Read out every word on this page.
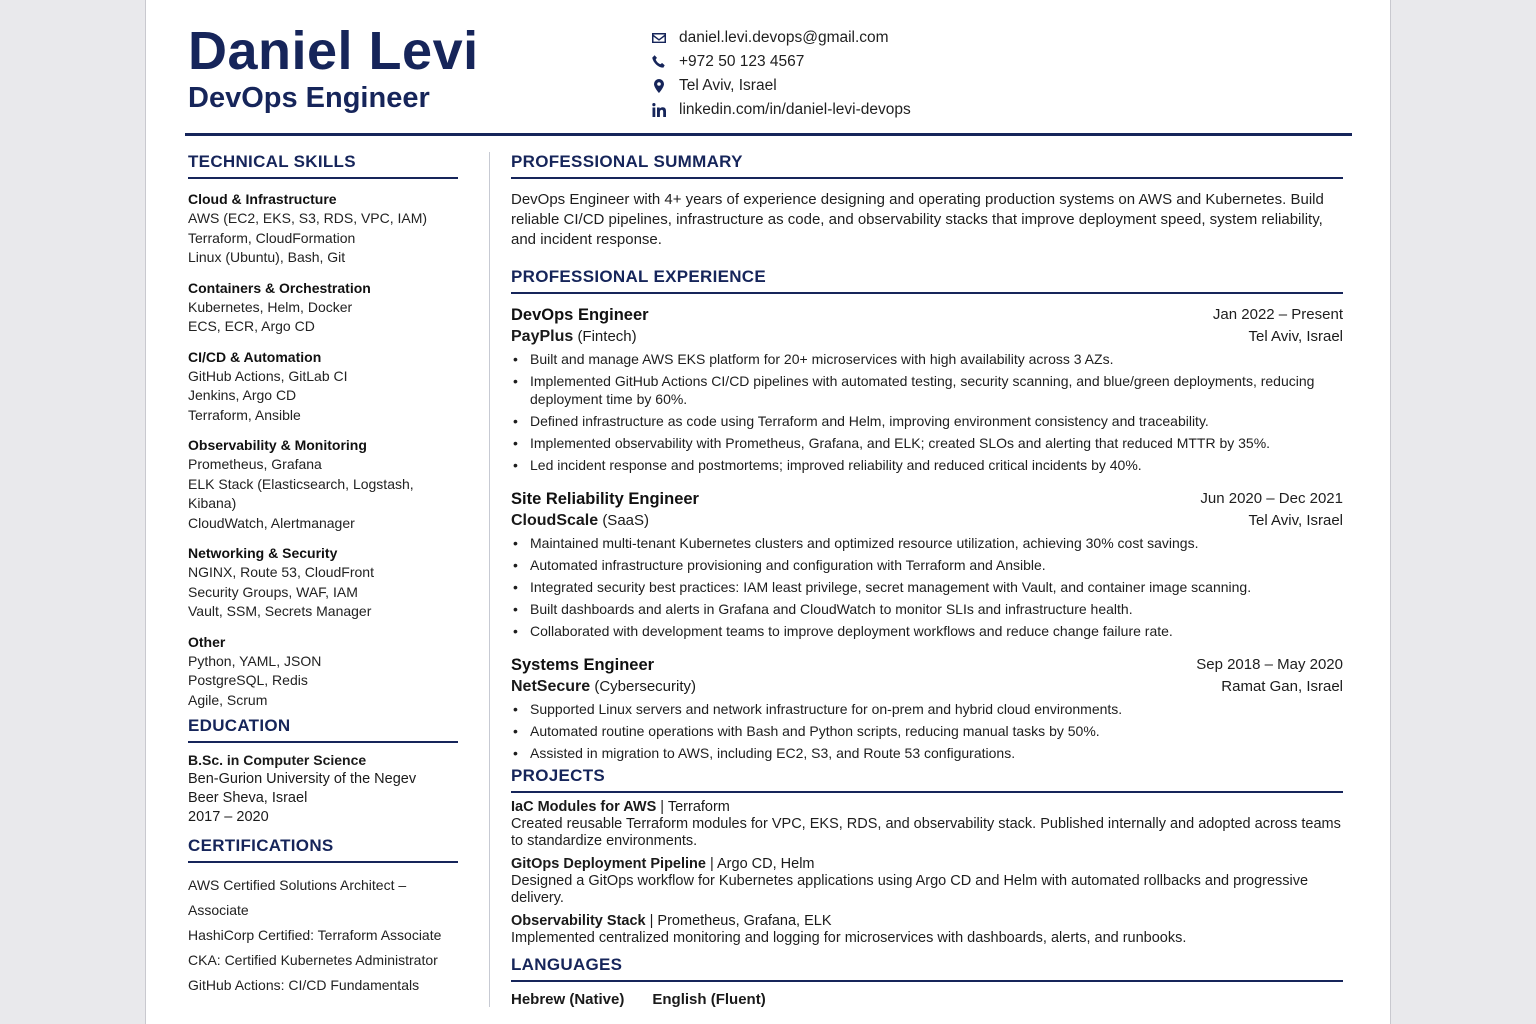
Daniel Levi
DevOps Engineer
daniel.levi.devops@gmail.com
+972 50 123 4567
Tel Aviv, Israel
linkedin.com/in/daniel-levi-devops
TECHNICAL SKILLS
Cloud & Infrastructure
AWS (EC2, EKS, S3, RDS, VPC, IAM)
Terraform, CloudFormation
Linux (Ubuntu), Bash, Git
Containers & Orchestration
Kubernetes, Helm, Docker
ECS, ECR, Argo CD
CI/CD & Automation
GitHub Actions, GitLab CI
Jenkins, Argo CD
Terraform, Ansible
Observability & Monitoring
Prometheus, Grafana
ELK Stack (Elasticsearch, Logstash, Kibana)
CloudWatch, Alertmanager
Networking & Security
NGINX, Route 53, CloudFront
Security Groups, WAF, IAM
Vault, SSM, Secrets Manager
Other
Python, YAML, JSON
PostgreSQL, Redis
Agile, Scrum
EDUCATION
B.Sc. in Computer Science
Ben-Gurion University of the Negev
Beer Sheva, Israel
2017 – 2020
CERTIFICATIONS
AWS Certified Solutions Architect – Associate
HashiCorp Certified: Terraform Associate
CKA: Certified Kubernetes Administrator
GitHub Actions: CI/CD Fundamentals
PROFESSIONAL SUMMARY
DevOps Engineer with 4+ years of experience designing and operating production systems on AWS and Kubernetes. Build reliable CI/CD pipelines, infrastructure as code, and observability stacks that improve deployment speed, system reliability, and incident response.
PROFESSIONAL EXPERIENCE
DevOps Engineer	Jan 2022 – Present
PayPlus (Fintech)	Tel Aviv, Israel
• Built and manage AWS EKS platform for 20+ microservices with high availability across 3 AZs.
• Implemented GitHub Actions CI/CD pipelines with automated testing, security scanning, and blue/green deployments, reducing deployment time by 60%.
• Defined infrastructure as code using Terraform and Helm, improving environment consistency and traceability.
• Implemented observability with Prometheus, Grafana, and ELK; created SLOs and alerting that reduced MTTR by 35%.
• Led incident response and postmortems; improved reliability and reduced critical incidents by 40%.
Site Reliability Engineer	Jun 2020 – Dec 2021
CloudScale (SaaS)	Tel Aviv, Israel
• Maintained multi-tenant Kubernetes clusters and optimized resource utilization, achieving 30% cost savings.
• Automated infrastructure provisioning and configuration with Terraform and Ansible.
• Integrated security best practices: IAM least privilege, secret management with Vault, and container image scanning.
• Built dashboards and alerts in Grafana and CloudWatch to monitor SLIs and infrastructure health.
• Collaborated with development teams to improve deployment workflows and reduce change failure rate.
Systems Engineer	Sep 2018 – May 2020
NetSecure (Cybersecurity)	Ramat Gan, Israel
• Supported Linux servers and network infrastructure for on-prem and hybrid cloud environments.
• Automated routine operations with Bash and Python scripts, reducing manual tasks by 50%.
• Assisted in migration to AWS, including EC2, S3, and Route 53 configurations.
PROJECTS
IaC Modules for AWS | Terraform
Created reusable Terraform modules for VPC, EKS, RDS, and observability stack. Published internally and adopted across teams to standardize environments.
GitOps Deployment Pipeline | Argo CD, Helm
Designed a GitOps workflow for Kubernetes applications using Argo CD and Helm with automated rollbacks and progressive delivery.
Observability Stack | Prometheus, Grafana, ELK
Implemented centralized monitoring and logging for microservices with dashboards, alerts, and runbooks.
LANGUAGES
Hebrew (Native) English (Fluent)
